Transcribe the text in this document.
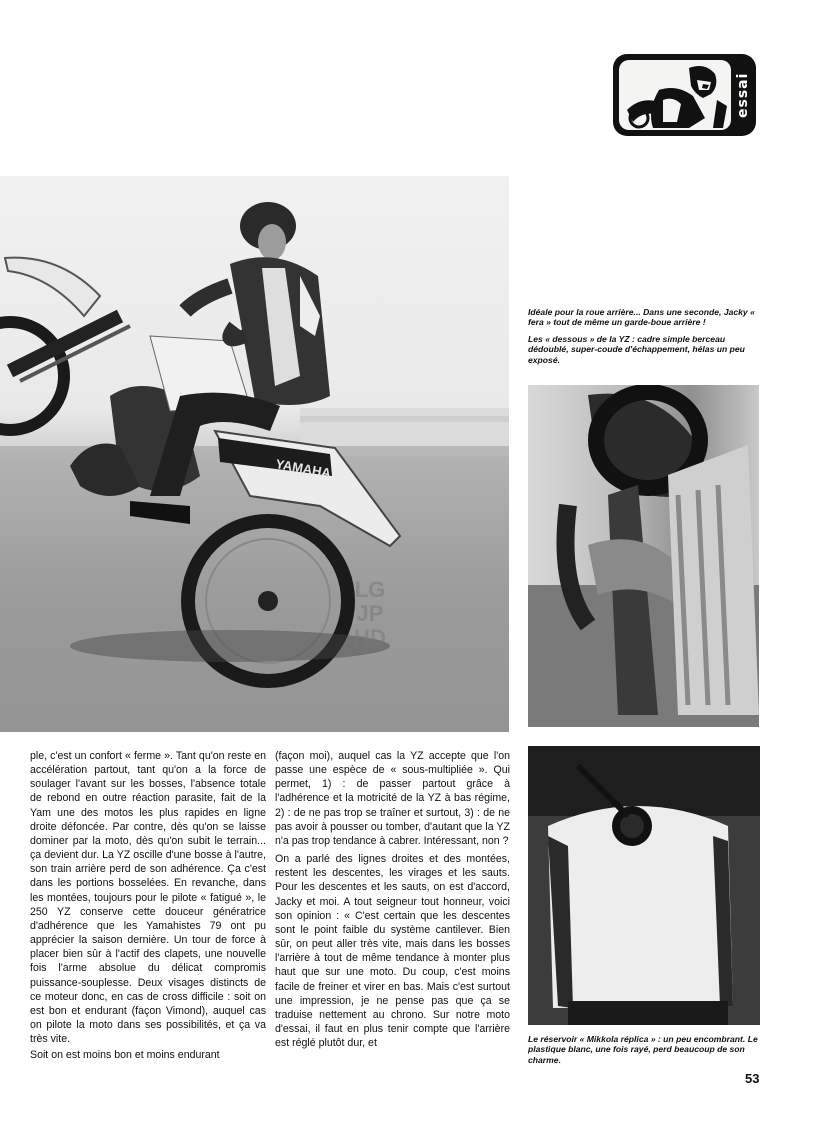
essai
YAMAHA
LG
JP
HD

Idéale pour la roue arrière... Dans une seconde, Jacky « fera » tout de même un garde-boue arrière !

Les « dessous » de la YZ : cadre simple berceau dédoublé, super-coude d'échappement, hélas un peu exposé.

Le réservoir « Mikkola réplica » : un peu encombrant. Le plastique blanc, une fois rayé, perd beaucoup de son charme.

ple, c'est un confort « ferme ». Tant qu'on reste en accélération partout, tant qu'on a la force de soulager l'avant sur les bosses, l'absence totale de rebond en outre réaction parasite, fait de la Yam une des motos les plus rapides en ligne droite défoncée. Par contre, dès qu'on se laisse dominer par la moto, dès qu'on subit le terrain... ça devient dur. La YZ oscille d'une bosse à l'autre, son train arrière perd de son adhérence. Ça c'est dans les portions bosselées. En revanche, dans les montées, toujours pour le pilote « fatigué », le 250 YZ conserve cette douceur génératrice d'adhérence que les Yamahistes 79 ont pu apprécier la saison dernière. Un tour de force à placer bien sûr à l'actif des clapets, une nouvelle fois l'arme absolue du délicat compromis puissance-souplesse. Deux visages distincts de ce moteur donc, en cas de cross difficile : soit on est bon et endurant (façon Vimond), auquel cas on pilote la moto dans ses possibilités, et ça va très vite.

Soit on est moins bon et moins endurant

(façon moi), auquel cas la YZ accepte que l'on passe une espèce de « sous-multipliée ». Qui permet, 1) : de passer partout grâce à l'adhérence et la motricité de la YZ à bas régime, 2) : de ne pas trop se traîner et surtout, 3) : de ne pas avoir à pousser ou tomber, d'autant que la YZ n'a pas trop tendance à cabrer. Intéressant, non ?

On a parlé des lignes droites et des montées, restent les descentes, les virages et les sauts. Pour les descentes et les sauts, on est d'accord, Jacky et moi. A tout seigneur tout honneur, voici son opinion : « C'est certain que les descentes sont le point faible du système cantilever. Bien sûr, on peut aller très vite, mais dans les bosses l'arrière à tout de même tendance à monter plus haut que sur une moto. Du coup, c'est moins facile de freiner et virer en bas. Mais c'est surtout une impression, je ne pense pas que ça se traduise nettement au chrono. Sur notre moto d'essai, il faut en plus tenir compte que l'arrière est réglé plutôt dur, et

53
